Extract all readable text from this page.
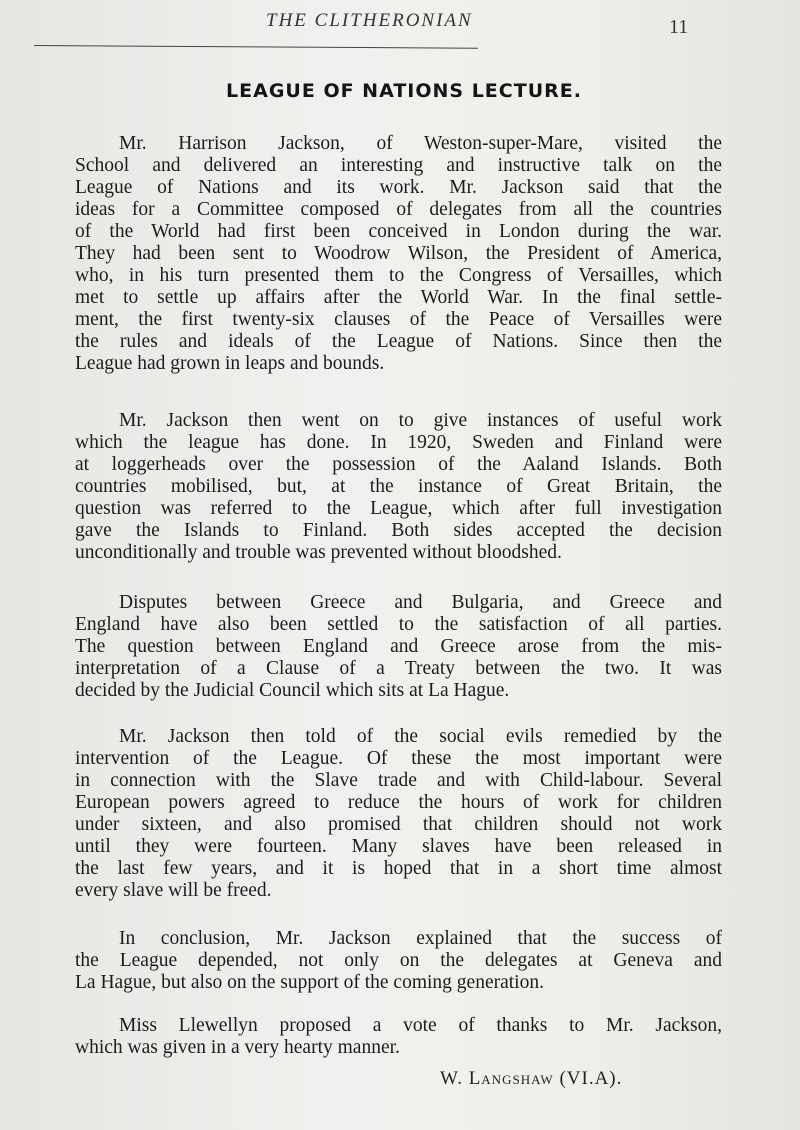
THE CLITHERONIAN	11
LEAGUE OF NATIONS LECTURE.
Mr. Harrison Jackson, of Weston-super-Mare, visited the
School and delivered an interesting and instructive talk on the
League of Nations and its work. Mr. Jackson said that the
ideas for a Committee composed of delegates from all the countries
of the World had first been conceived in London during the war.
They had been sent to Woodrow Wilson, the President of America,
who, in his turn presented them to the Congress of Versailles, which
met to settle up affairs after the World War. In the final settle-
ment, the first twenty-six clauses of the Peace of Versailles were
the rules and ideals of the League of Nations. Since then the
League had grown in leaps and bounds.
Mr. Jackson then went on to give instances of useful work
which the league has done. In 1920, Sweden and Finland were
at loggerheads over the possession of the Aaland Islands. Both
countries mobilised, but, at the instance of Great Britain, the
question was referred to the League, which after full investigation
gave the Islands to Finland. Both sides accepted the decision
unconditionally and trouble was prevented without bloodshed.
Disputes between Greece and Bulgaria, and Greece and
England have also been settled to the satisfaction of all parties.
The question between England and Greece arose from the mis-
interpretation of a Clause of a Treaty between the two. It was
decided by the Judicial Council which sits at La Hague.
Mr. Jackson then told of the social evils remedied by the
intervention of the League. Of these the most important were
in connection with the Slave trade and with Child-labour. Several
European powers agreed to reduce the hours of work for children
under sixteen, and also promised that children should not work
until they were fourteen. Many slaves have been released in
the last few years, and it is hoped that in a short time almost
every slave will be freed.
In conclusion, Mr. Jackson explained that the success of
the League depended, not only on the delegates at Geneva and
La Hague, but also on the support of the coming generation.
Miss Llewellyn proposed a vote of thanks to Mr. Jackson,
which was given in a very hearty manner.
W. Langshaw (VI.A).
